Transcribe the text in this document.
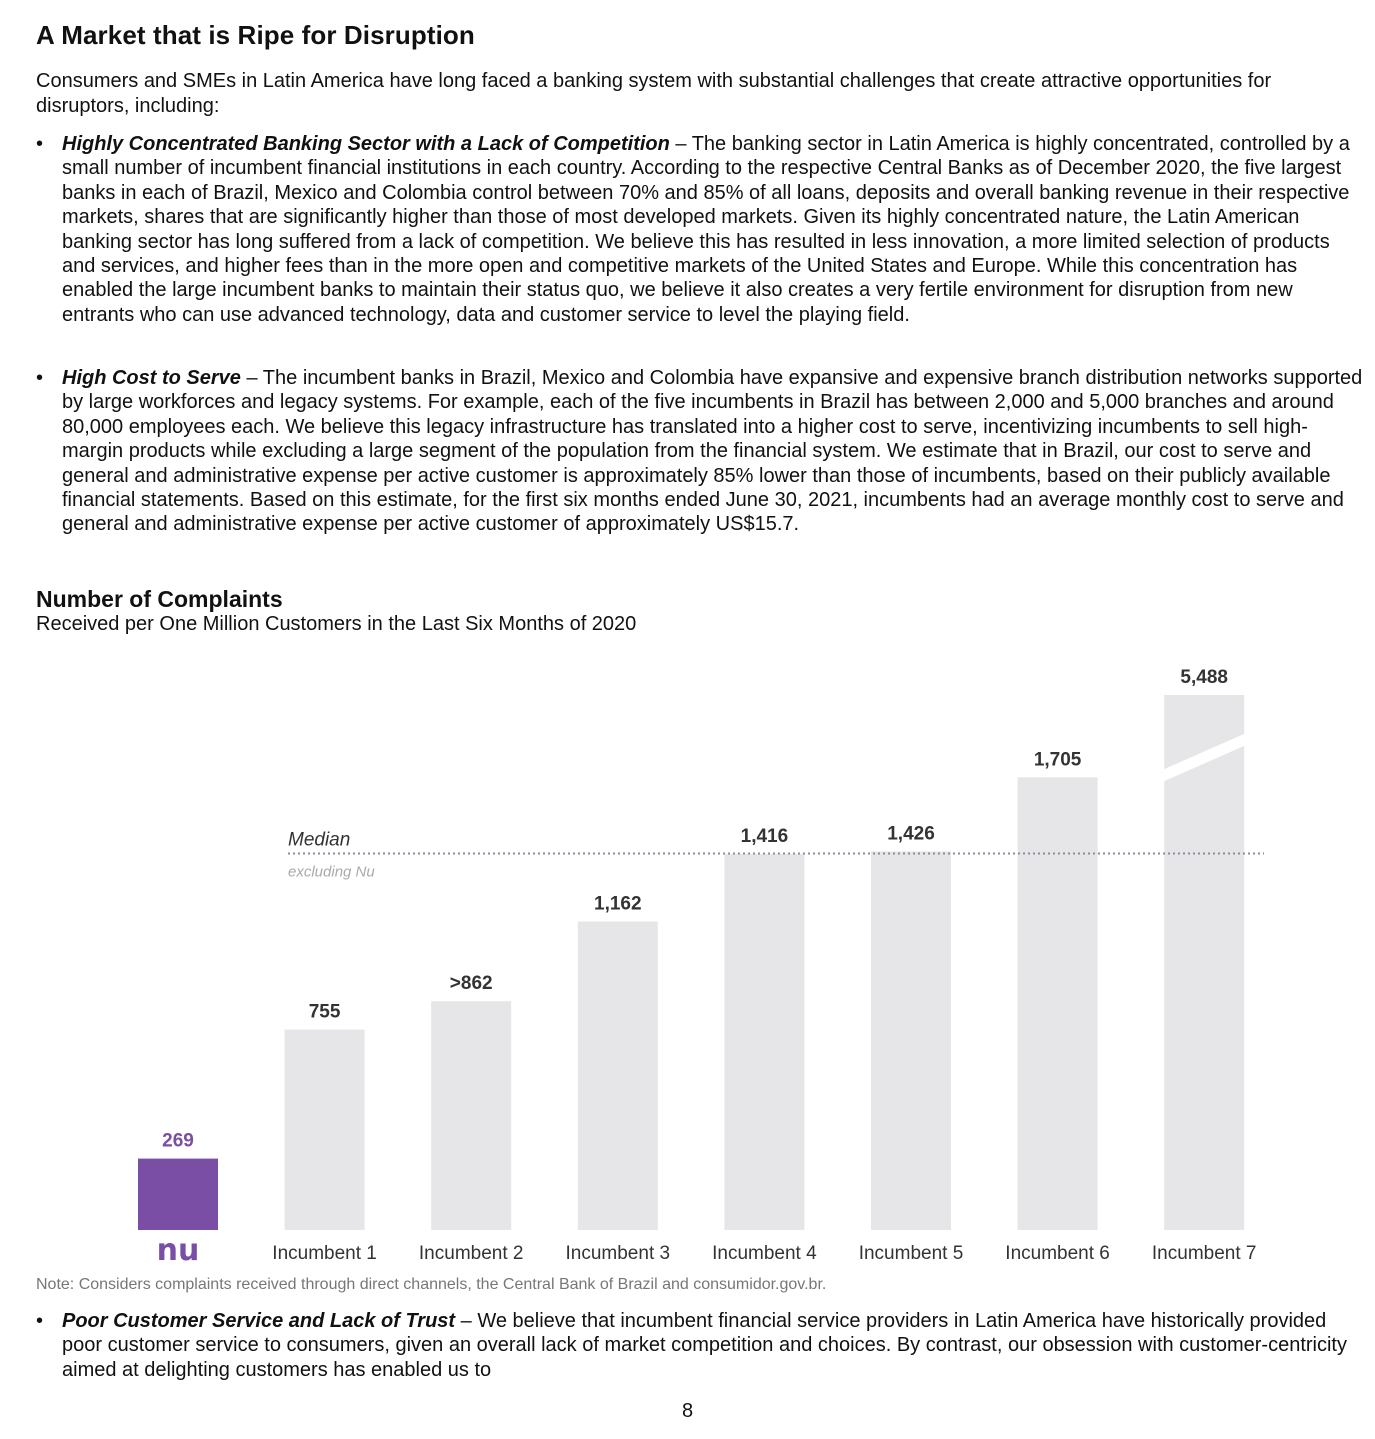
A Market that is Ripe for Disruption

Consumers and SMEs in Latin America have long faced a banking system with substantial challenges that create attractive opportunities for disruptors, including:

• Highly Concentrated Banking Sector with a Lack of Competition – The banking sector in Latin America is highly concentrated, controlled by a small number of incumbent financial institutions in each country. According to the respective Central Banks as of December 2020, the five largest banks in each of Brazil, Mexico and Colombia control between 70% and 85% of all loans, deposits and overall banking revenue in their respective markets, shares that are significantly higher than those of most developed markets. Given its highly concentrated nature, the Latin American banking sector has long suffered from a lack of competition. We believe this has resulted in less innovation, a more limited selection of products and services, and higher fees than in the more open and competitive markets of the United States and Europe. While this concentration has enabled the large incumbent banks to maintain their status quo, we believe it also creates a very fertile environment for disruption from new entrants who can use advanced technology, data and customer service to level the playing field.
• High Cost to Serve – The incumbent banks in Brazil, Mexico and Colombia have expansive and expensive branch distribution networks supported by large workforces and legacy systems. For example, each of the five incumbents in Brazil has between 2,000 and 5,000 branches and around 80,000 employees each. We believe this legacy infrastructure has translated into a higher cost to serve, incentivizing incumbents to sell high-margin products while excluding a large segment of the population from the financial system. We estimate that in Brazil, our cost to serve and general and administrative expense per active customer is approximately 85% lower than those of incumbents, based on their publicly available financial statements. Based on this estimate, for the first six months ended June 30, 2021, incumbents had an average monthly cost to serve and general and administrative expense per active customer of approximately US$15.7.

Number of Complaints

Received per One Million Customers in the Last Six Months of 2020

269
nu
755
Incumbent 1
>862
Incumbent 2
1,162
Incumbent 3
1,416
Incumbent 4
1,426
Incumbent 5
1,705
Incumbent 6
5,488
Incumbent 7
Median
excluding Nu
Note: Considers complaints received through direct channels, the Central Bank of Brazil and consumidor.gov.br.
• Poor Customer Service and Lack of Trust – We believe that incumbent financial service providers in Latin America have historically provided poor customer service to consumers, given an overall lack of market competition and choices. By contrast, our obsession with customer-centricity aimed at delighting customers has enabled us to
8
